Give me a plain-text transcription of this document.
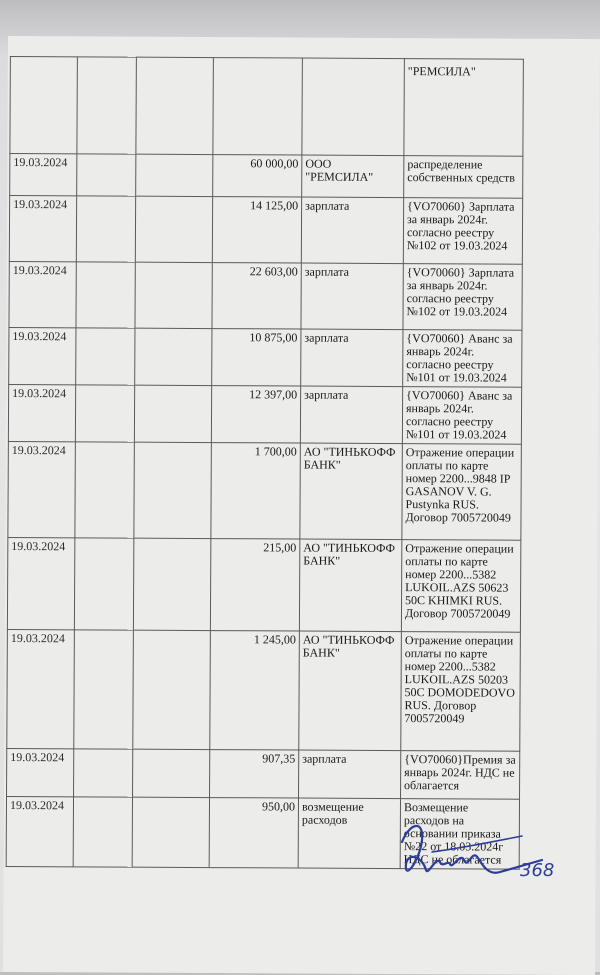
					"РЕМСИЛА"
19.03.2024			60 000,00	ООО "РЕМСИЛА"	распределение собственных средств
19.03.2024			14 125,00	зарплата	{VO70060} Зарплата за январь 2024г. согласно реестру №102 от 19.03.2024
19.03.2024			22 603,00	зарплата	{VO70060} Зарплата за январь 2024г. согласно реестру №102 от 19.03.2024
19.03.2024			10 875,00	зарплата	{VO70060} Аванс за январь 2024г. согласно реестру №101 от 19.03.2024
19.03.2024			12 397,00	зарплата	{VO70060} Аванс за январь 2024г. согласно реестру №101 от 19.03.2024
19.03.2024			1 700,00	АО "ТИНЬКОФФ БАНК"	Отражение операции оплаты по карте номер 2200...9848 IP GASANOV V. G. Pustynka RUS. Договор 7005720049
19.03.2024			215,00	АО "ТИНЬКОФФ БАНК"	Отражение операции оплаты по карте номер 2200...5382 LUKOIL.AZS 50623 50C KHIMKI RUS. Договор 7005720049
19.03.2024			1 245,00	АО "ТИНЬКОФФ БАНК"	Отражение операции оплаты по карте номер 2200...5382 LUKOIL.AZS 50203 50C DOMODEDOVO RUS. Договор 7005720049
19.03.2024			907,35	зарплата	{VO70060}Премия за январь 2024г. НДС не облагается
19.03.2024			950,00	возмещение расходов	Возмещение расходов на основании приказа №22 от 18.03.2024г НДС не облагается
368
